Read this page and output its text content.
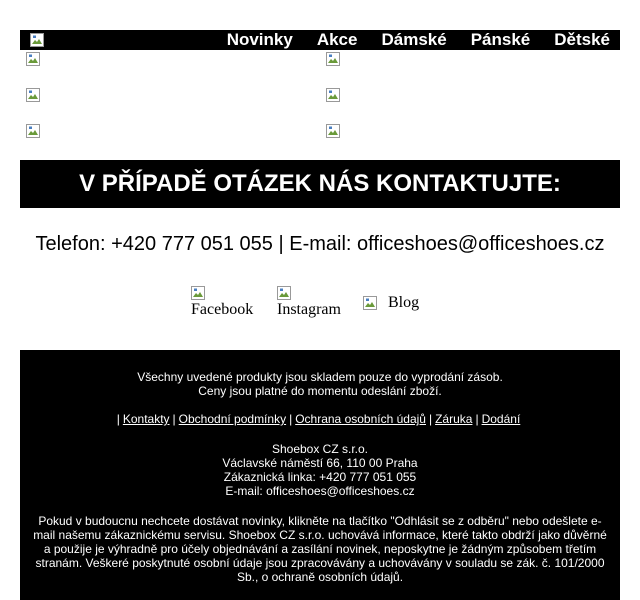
Novinky	Akce	Dámské	Pánské	Dětské
V PŘÍPADĚ OTÁZEK NÁS KONTAKTUJTE:
Telefon: +420 777 051 055 | E-mail: officeshoes@officeshoes.cz
Facebook Instagram	Blog

Všechny uvedené produkty jsou skladem pouze do vyprodání zásob.

Ceny jsou platné do momentu odeslání zboží.

| Kontakty | Obchodní podmínky | Ochrana osobních údajů | Záruka | Dodání

Shoebox CZ s.r.o.

Václavské náměstí 66, 110 00 Praha

Zákaznická linka: +420 777 051 055

E-mail: officeshoes@officeshoes.cz

Pokud v budoucnu nechcete dostávat novinky, klikněte na tlačítko "Odhlásit se z odběru" nebo odešlete e-mail našemu zákaznickému servisu. Shoebox CZ s.r.o. uchovává informace, které takto obdrží jako důvěrné a použije je výhradně pro účely objednávání a zasílání novinek, neposkytne je žádným způsobem třetím stranám. Veškeré poskytnuté osobní údaje jsou zpracovávány a uchovávány v souladu se zák. č. 101/2000 Sb., o ochraně osobních údajů.
